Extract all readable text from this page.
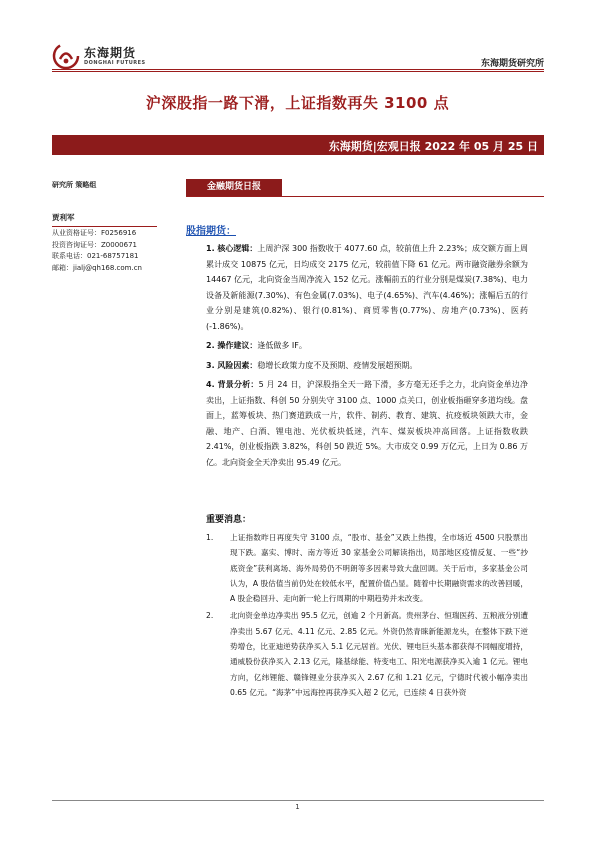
东海期货
DONGHAI FUTURES	东海期货研究所
沪深股指一路下滑，上证指数再失 3100 点
东海期货|宏观日报 2022 年 05 月 25 日
研究所 策略组
贾利军
从业资格证号：F0256916
投资咨询证号：Z0000671
联系电话：021-68757181
邮箱：jialj@qh168.com.cn
金融期货日报
股指期货：

1. 核心逻辑：上周沪深 300 指数收于 4077.60 点，较前值上升 2.23%；成交额方面上周累计成交 10875 亿元，日均成交 2175 亿元，较前值下降 61 亿元。两市融资融券余额为 14467 亿元，北向资金当周净流入 152 亿元。涨幅前五的行业分别是煤炭(7.38%)、电力设备及新能源(7.30%)、有色金属(7.03%)、电子(4.65%)、汽车(4.46%)；涨幅后五的行业分别是建筑(0.82%)、银行(0.81%)、商贸零售(0.77%)、房地产(0.73%)、医药(-1.86%)。

2. 操作建议：逢低做多 IF。

3. 风险因素：稳增长政策力度不及预期、疫情发展超预期。

4. 背景分析：5 月 24 日，沪深股指全天一路下滑，多方毫无还手之力，北向资金单边净卖出，上证指数、科创 50 分别失守 3100 点、1000 点关口，创业板指砸穿多道均线。盘面上，蓝筹板块、热门赛道跌成一片，软件、制药、教育、建筑、抗疫板块领跌大市，金融、地产、白酒、锂电池、光伏板块低迷，汽车、煤炭板块冲高回落。上证指数收跌 2.41%，创业板指跌 3.82%，科创 50 跌近 5%。大市成交 0.99 万亿元，上日为 0.86 万亿。北向资金全天净卖出 95.49 亿元。

重要消息：
1. 上证指数昨日再度失守 3100 点，“股市、基金”又跌上热搜，全市场近 4500 只股票出现下跌。嘉实、博时、南方等近 30 家基金公司解读指出，局部地区疫情反复、一些“抄底资金”获利离场、海外局势仍不明朗等多因素导致大盘回调。关于后市，多家基金公司认为，A 股估值当前仍处在较低水平，配置价值凸显。随着中长期融资需求的改善回暖，A 股企稳回升、走向新一轮上行周期的中期趋势并未改变。
2. 北向资金单边净卖出 95.5 亿元，创逾 2 个月新高。贵州茅台、恒瑞医药、五粮液分别遭净卖出 5.67 亿元、4.11 亿元、2.85 亿元。外资仍然青睐新能源龙头，在整体下跌下逆势增仓，比亚迪逆势获净买入 5.1 亿元居首。光伏、锂电巨头基本都获得不同幅度增持，通威股份获净买入 2.13 亿元，隆基绿能、特变电工、阳光电源获净买入逾 1 亿元。锂电方向，亿纬锂能、赣锋锂业分获净买入 2.67 亿和 1.21 亿元，宁德时代被小幅净卖出 0.65 亿元。“海茅”中远海控再获净买入超 2 亿元，已连续 4 日获外资
1
